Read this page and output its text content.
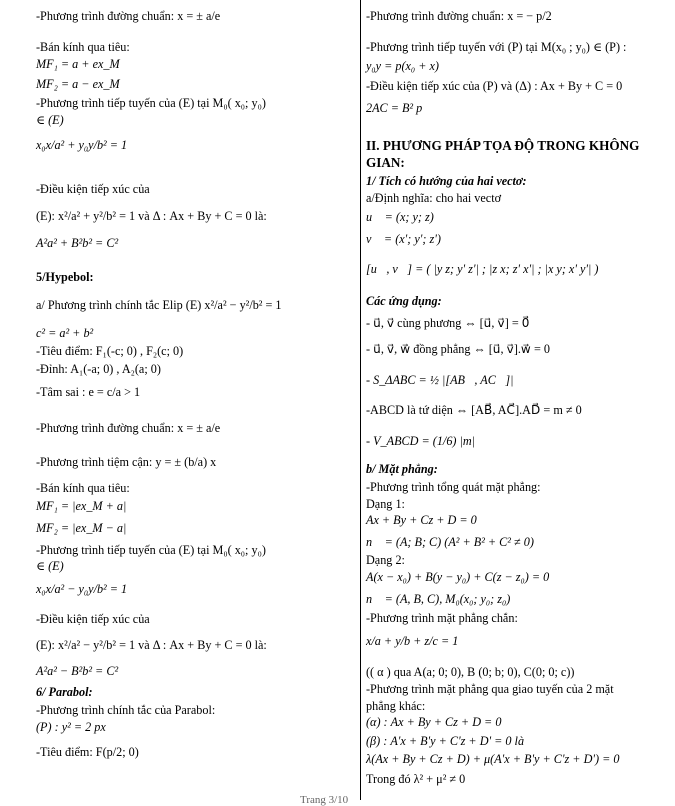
-Phương trình đường chuẩn: x = ± a/e
-Bán kính qua tiêu:
MF₁ = a + ex_M
MF₂ = a − ex_M
-Phương trình tiếp tuyến của (E) tại M₀( x₀; y₀)
∈ (E)
x₀x/a² + y₀y/b² = 1
-Điều kiện tiếp xúc của
(E): x²/a² + y²/b² = 1 và Δ : Ax + By + C = 0 là:
A²a² + B²b² = C²
5/Hypebol:
a/ Phương trình chính tắc Elip (E) x²/a² − y²/b² = 1
c² = a² + b²
-Tiêu điểm: F₁(-c; 0) , F₂(c; 0)
-Đỉnh: A₁(-a; 0) , A₂(a; 0)
-Tâm sai : e = c/a > 1
-Phương trình đường chuẩn: x = ± a/e
-Phương trình tiệm cận: y = ± (b/a) x
-Bán kính qua tiêu:
MF₁ = |ex_M + a|
MF₂ = |ex_M − a|
-Phương trình tiếp tuyến của (E) tại M₀( x₀; y₀)
∈ (E)
x₀x/a² − y₀y/b² = 1
-Điều kiện tiếp xúc của
(E): x²/a² − y²/b² = 1 và Δ : Ax + By + C = 0 là:
A²a² − B²b² = C²
6/ Parabol:
-Phương trình chính tắc của Parabol:
(P) : y² = 2 px
-Tiêu điểm: F(p/2; 0)
-Phương trình đường chuẩn: x = − p/2
-Phương trình tiếp tuyến với (P) tại M(x₀ ; y₀) ∈ (P) :
y₀y = p(x₀ + x)
-Điều kiện tiếp xúc của (P) và (Δ) : Ax + By + C = 0
2AC = B² p
II. PHƯƠNG PHÁP TỌA ĐỘ TRONG KHÔNG
GIAN:
1/ Tích có hướng của hai vectơ:
a/Định nghĩa: cho hai vectơ
u⃗ = (x; y; z)
v⃗ = (x'; y'; z')
[u⃗, v⃗] = ( |y z; y' z'| ; |z x; z' x'| ; |x y; x' y'| )
Các ứng dụng:
- u⃗, v⃗ cùng phương ⇔ [u⃗, v⃗] = 0⃗
- u⃗, v⃗, w⃗ đồng phẳng ⇔ [u⃗, v⃗].w⃗ = 0
- S_ΔABC = ½ |[AB⃗, AC⃗]|
-ABCD là tứ diện ⇔ [AB⃗, AC⃗].AD⃗ = m ≠ 0
- V_ABCD = (1/6) |m|
b/ Mặt phẳng:
-Phương trình tổng quát mặt phẳng:
Dạng 1:
Ax + By + Cz + D = 0
n⃗ = (A; B; C) (A² + B² + C² ≠ 0)
Dạng 2:
A(x − x₀) + B(y − y₀) + C(z − z₀) = 0
n⃗ = (A, B, C), M₀(x₀; y₀; z₀)
-Phương trình mặt phẳng chắn:
x/a + y/b + z/c = 1
(( α ) qua A(a; 0; 0), B (0; b; 0), C(0; 0; c))
-Phương trình mặt phẳng qua giao tuyến của 2 mặt
phẳng khác:
(α) : Ax + By + Cz + D = 0
(β) : A'x + B'y + C'z + D' = 0 là
λ(Ax + By + Cz + D) + μ(A'x + B'y + C'z + D') = 0
Trong đó λ² + μ² ≠ 0
Trang 3/10
